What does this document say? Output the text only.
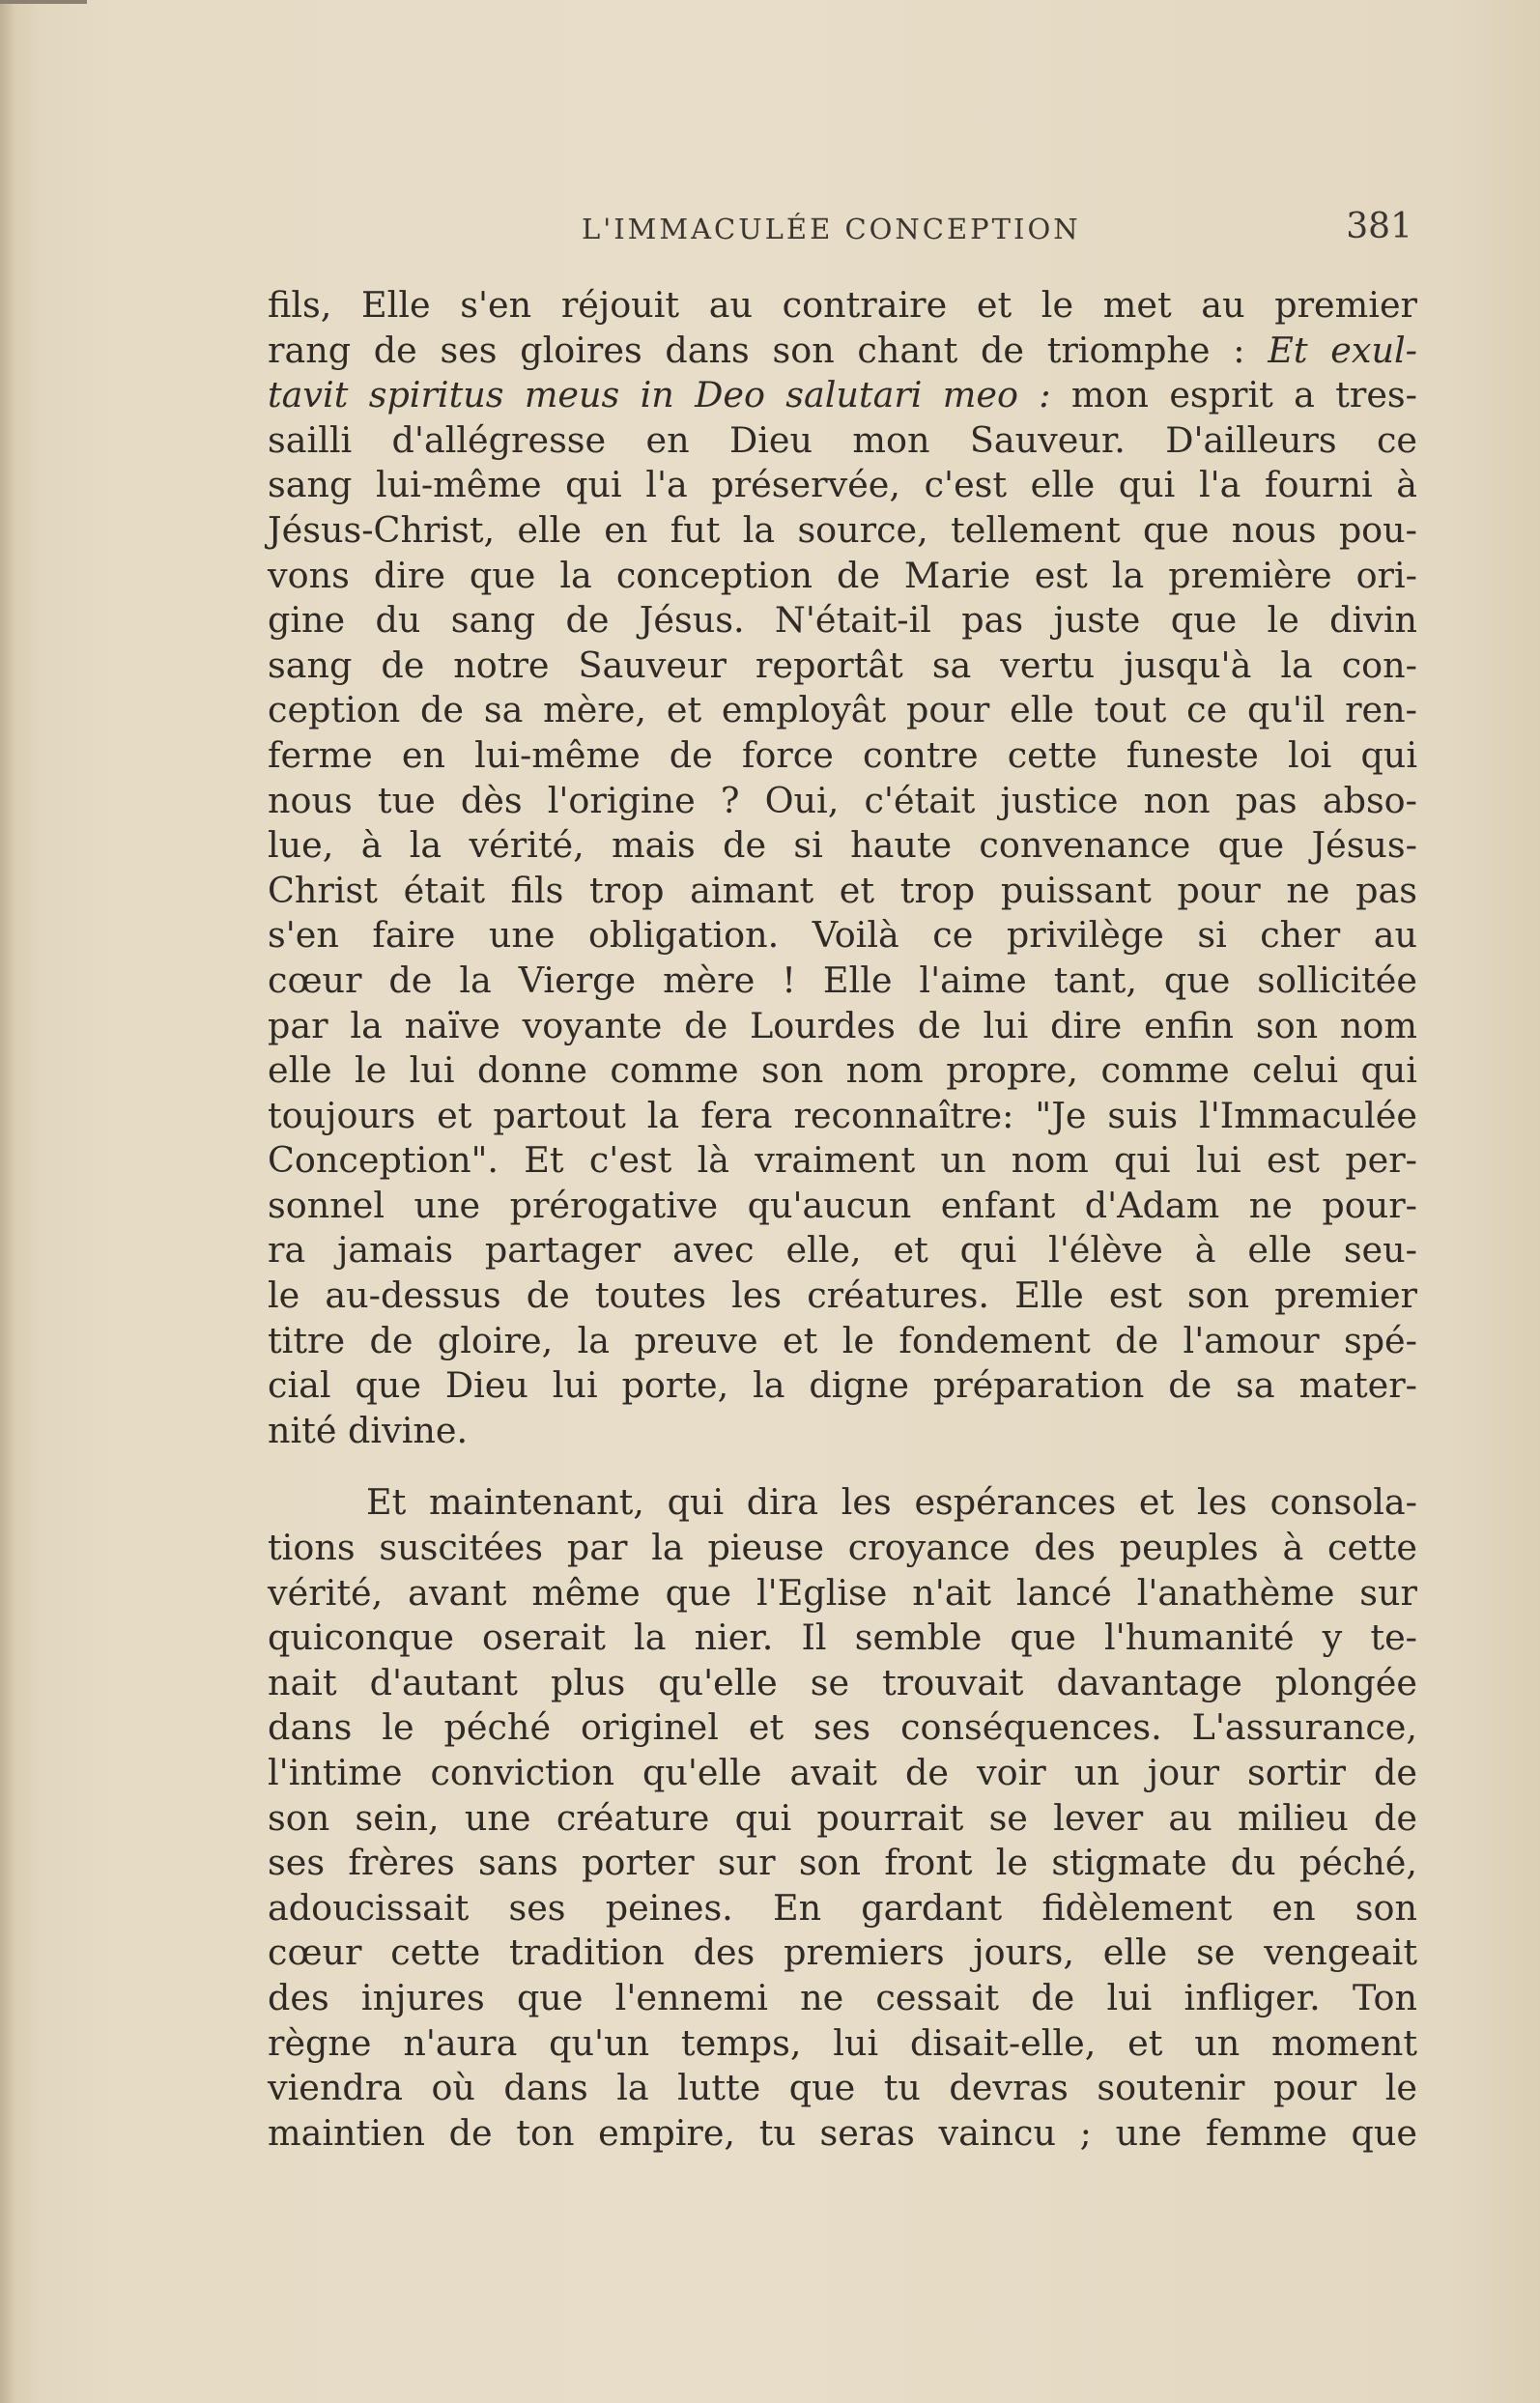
L'IMMACULÉE CONCEPTION	381
fils, Elle s'en réjouit au contraire et le met au premier
rang de ses gloires dans son chant de triomphe : Et exul-
tavit spiritus meus in Deo salutari meo : mon esprit a tres-
sailli d'allégresse en Dieu mon Sauveur. D'ailleurs ce
sang lui-même qui l'a préservée, c'est elle qui l'a fourni à
Jésus-Christ, elle en fut la source, tellement que nous pou-
vons dire que la conception de Marie est la première ori-
gine du sang de Jésus. N'était-il pas juste que le divin
sang de notre Sauveur reportât sa vertu jusqu'à la con-
ception de sa mère, et employât pour elle tout ce qu'il ren-
ferme en lui-même de force contre cette funeste loi qui
nous tue dès l'origine ? Oui, c'était justice non pas abso-
lue, à la vérité, mais de si haute convenance que Jésus-
Christ était fils trop aimant et trop puissant pour ne pas
s'en faire une obligation. Voilà ce privilège si cher au
cœur de la Vierge mère ! Elle l'aime tant, que sollicitée
par la naïve voyante de Lourdes de lui dire enfin son nom
elle le lui donne comme son nom propre, comme celui qui
toujours et partout la fera reconnaître: "Je suis l'Immaculée
Conception". Et c'est là vraiment un nom qui lui est per-
sonnel une prérogative qu'aucun enfant d'Adam ne pour-
ra jamais partager avec elle, et qui l'élève à elle seu-
le au-dessus de toutes les créatures. Elle est son premier
titre de gloire, la preuve et le fondement de l'amour spé-
cial que Dieu lui porte, la digne préparation de sa mater-
nité divine.
Et maintenant, qui dira les espérances et les consola-
tions suscitées par la pieuse croyance des peuples à cette
vérité, avant même que l'Eglise n'ait lancé l'anathème sur
quiconque oserait la nier. Il semble que l'humanité y te-
nait d'autant plus qu'elle se trouvait davantage plongée
dans le péché originel et ses conséquences. L'assurance,
l'intime conviction qu'elle avait de voir un jour sortir de
son sein, une créature qui pourrait se lever au milieu de
ses frères sans porter sur son front le stigmate du péché,
adoucissait ses peines. En gardant fidèlement en son
cœur cette tradition des premiers jours, elle se vengeait
des injures que l'ennemi ne cessait de lui infliger. Ton
règne n'aura qu'un temps, lui disait-elle, et un moment
viendra où dans la lutte que tu devras soutenir pour le
maintien de ton empire, tu seras vaincu ; une femme que
